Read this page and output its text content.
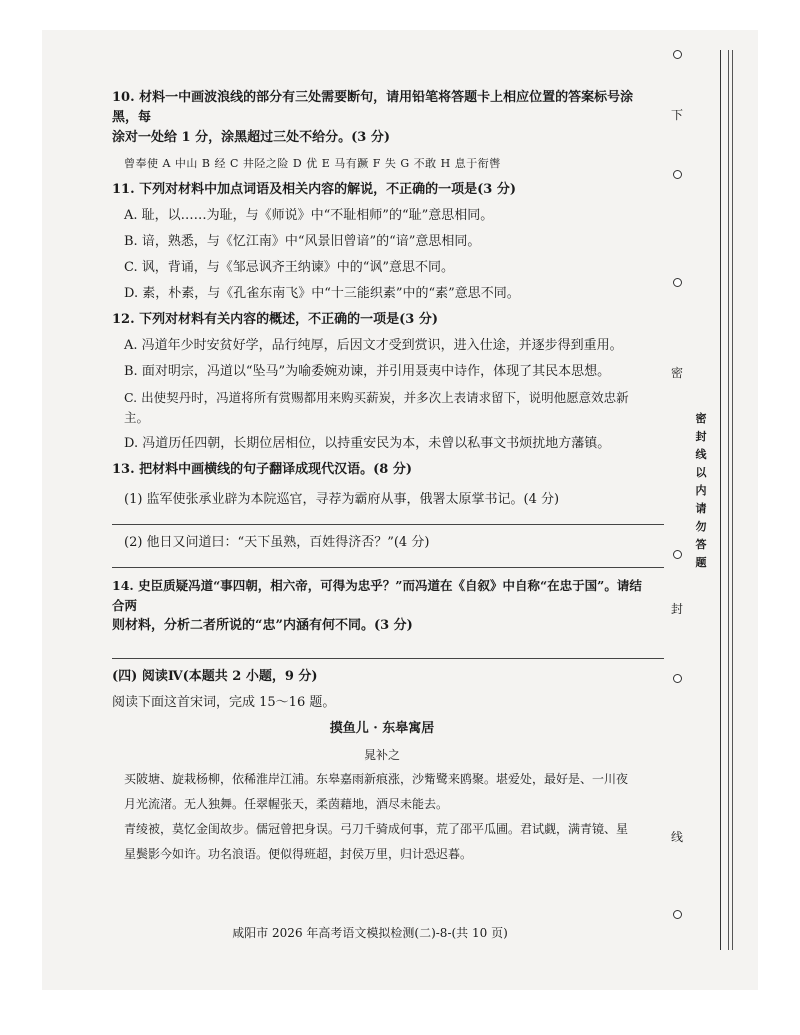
10. 材料一中画波浪线的部分有三处需要断句，请用铅笔将答题卡上相应位置的答案标号涂黑，每

涂对一处给 1 分，涂黑超过三处不给分。(3 分)

曾奉使 A 中山 B 经 C 井陉之险 D 优 E 马有蹶 F 失 G 不敢 H 息于衔辔

11. 下列对材料中加点词语及相关内容的解说，不正确的一项是(3 分)

A. 耻，以……为耻，与《师说》中“不耻相师”的“耻”意思相同。

B. 谙，熟悉，与《忆江南》中“风景旧曾谙”的“谙”意思相同。

C. 讽，背诵，与《邹忌讽齐王纳谏》中的“讽”意思不同。

D. 素，朴素，与《孔雀东南飞》中“十三能织素”中的“素”意思不同。

12. 下列对材料有关内容的概述，不正确的一项是(3 分)

A. 冯道年少时安贫好学，品行纯厚，后因文才受到赏识，进入仕途，并逐步得到重用。

B. 面对明宗，冯道以“坠马”为喻委婉劝谏，并引用聂夷中诗作，体现了其民本思想。

C. 出使契丹时，冯道将所有赏赐都用来购买薪炭，并多次上表请求留下，说明他愿意效忠新主。

D. 冯道历任四朝，长期位居相位，以持重安民为本，未曾以私事文书烦扰地方藩镇。

13. 把材料中画横线的句子翻译成现代汉语。(8 分)

(1) 监军使张承业辟为本院巡官，寻荐为霸府从事，俄署太原掌书记。(4 分)

(2) 他日又问道曰：“天下虽熟，百姓得济否？”(4 分)

14. 史臣质疑冯道“事四朝，相六帝，可得为忠乎？”而冯道在《自叙》中自称“在忠于国”。请结合两

则材料，分析二者所说的“忠”内涵有何不同。(3 分)

(四) 阅读Ⅳ(本题共 2 小题，9 分)

阅读下面这首宋词，完成 15～16 题。

摸鱼儿 · 东皋寓居

晁补之

买陂塘、旋栽杨柳，依稀淮岸江浦。东皋嘉雨新痕涨，沙觜鹭来鸥聚。堪爱处，最好是、一川夜

月光流渚。无人独舞。任翠幄张天，柔茵藉地，酒尽未能去。

青绫被，莫忆金闺故步。儒冠曾把身误。弓刀千骑成何事，荒了邵平瓜圃。君试觑，满青镜、星

星鬓影今如许。功名浪语。便似得班超，封侯万里，归计恐迟暮。

咸阳市 2026 年高考语文模拟检测(二)-8-(共 10 页)
下
密
封
线
密
封
线
以
内
请
勿
答
题
